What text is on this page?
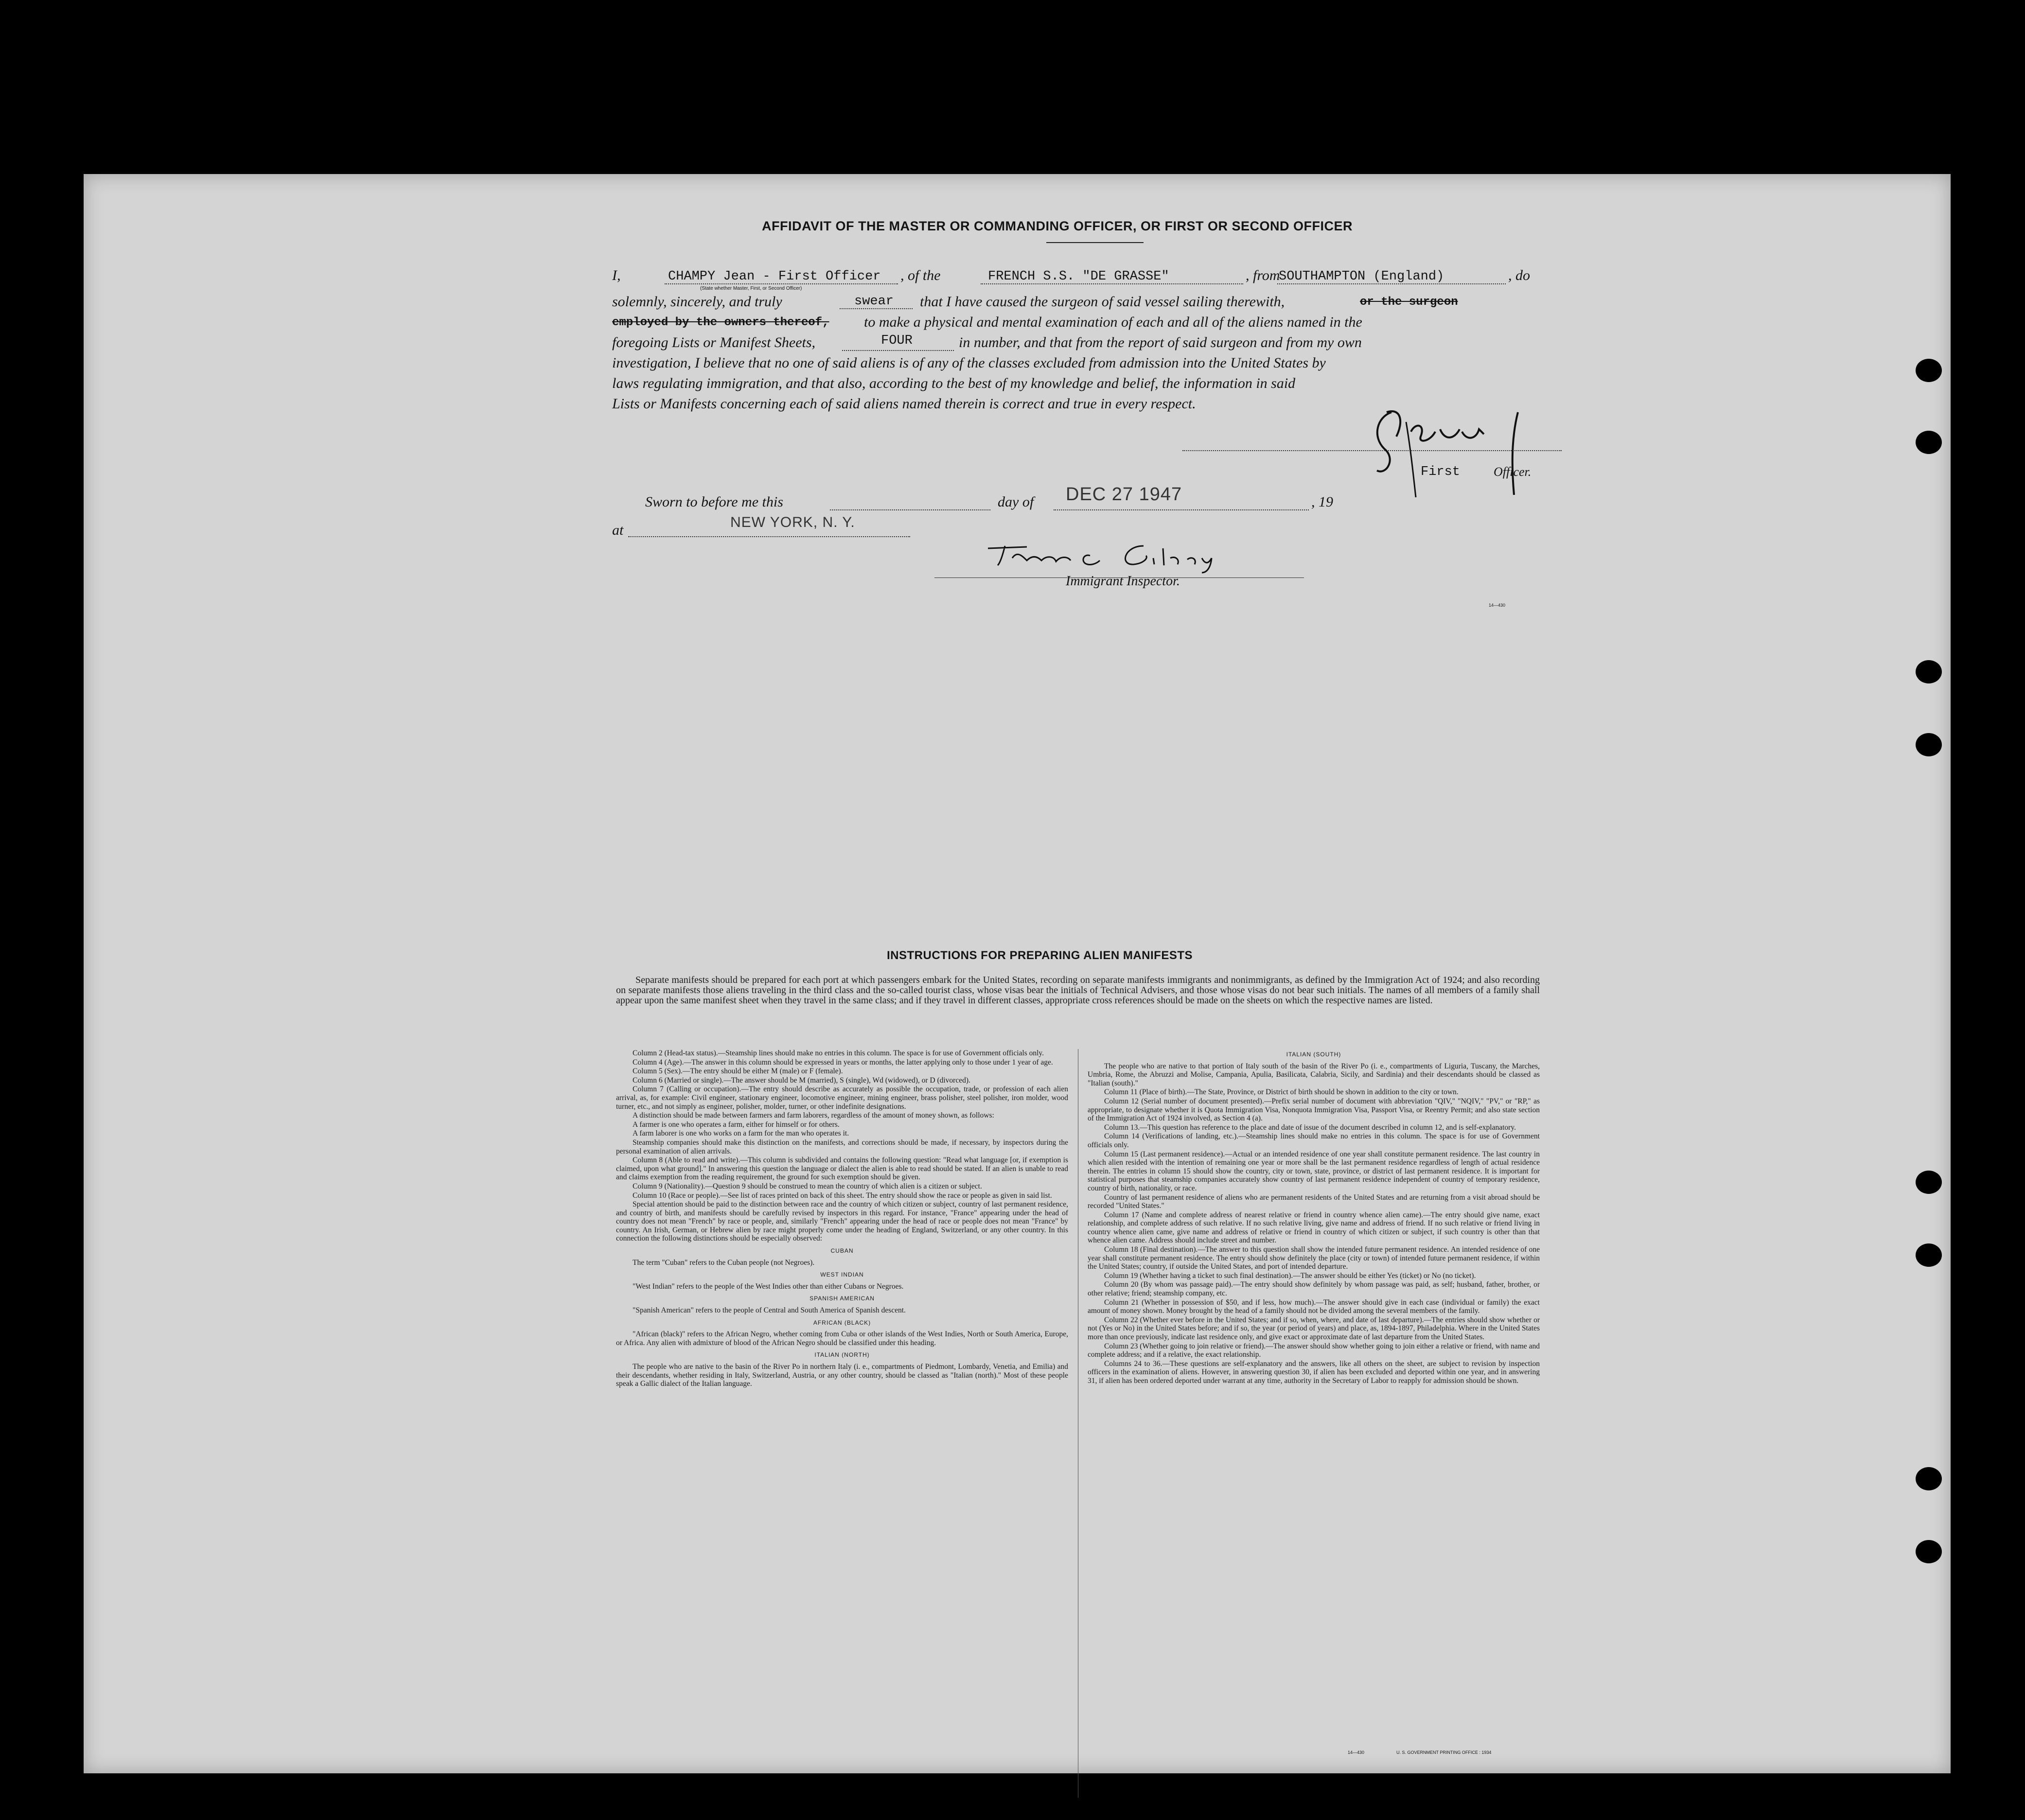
AFFIDAVIT OF THE MASTER OR COMMANDING OFFICER, OR FIRST OR SECOND OFFICER
I,	CHAMPY Jean - First Officer , of the	FRENCH S.S. "DE GRASSE"	, from
SOUTHAMPTON (England)	, do
(State whether Master, First, or Second Officer)
solemnly, sincerely, and truly	swear that I have caused the surgeon of said vessel sailing therewith,	or the surgeon
employed by the owners thereof, to make a physical and mental examination of each and all of the aliens named in the
foregoing Lists or Manifest Sheets,	FOUR	in number, and that from the report of said surgeon and from my own
investigation, I believe that no one of said aliens is of any of the classes excluded from admission into the United States by
laws regulating immigration, and that also, according to the best of my knowledge and belief, the information in said
Lists or Manifests concerning each of said aliens named therein is correct and true in every respect.
First	Officer.
Sworn to before me this	day of DEC 27 1947	, 19
at	NEW YORK, N. Y.
Immigrant Inspector.
14—430
INSTRUCTIONS FOR PREPARING ALIEN MANIFESTS

Separate manifests should be prepared for each port at which passengers embark for the United States, recording on separate manifests immigrants and nonimmigrants, as defined by the Immigration Act of 1924; and also recording on separate manifests those aliens traveling in the third class and the so-called tourist class, whose visas bear the initials of Technical Advisers, and those whose visas do not bear such initials. The names of all members of a family shall appear upon the same manifest sheet when they travel in the same class; and if they travel in different classes, appropriate cross references should be made on the sheets on which the respective names are listed.

Column 2 (Head-tax status).—Steamship lines should make no entries in this column. The space is for use of Government officials only.

Column 4 (Age).—The answer in this column should be expressed in years or months, the latter applying only to those under 1 year of age.

Column 5 (Sex).—The entry should be either M (male) or F (female).

Column 6 (Married or single).—The answer should be M (married), S (single), Wd (widowed), or D (divorced).

Column 7 (Calling or occupation).—The entry should describe as accurately as possible the occupation, trade, or profession of each alien arrival, as, for example: Civil engineer, stationary engineer, locomotive engineer, mining engineer, brass polisher, steel polisher, iron molder, wood turner, etc., and not simply as engineer, polisher, molder, turner, or other indefinite designations.

A distinction should be made between farmers and farm laborers, regardless of the amount of money shown, as follows:

A farmer is one who operates a farm, either for himself or for others.

A farm laborer is one who works on a farm for the man who operates it.

Steamship companies should make this distinction on the manifests, and corrections should be made, if necessary, by inspectors during the personal examination of alien arrivals.

Column 8 (Able to read and write).—This column is subdivided and contains the following question: "Read what language [or, if exemption is claimed, upon what ground]." In answering this question the language or dialect the alien is able to read should be stated. If an alien is unable to read and claims exemption from the reading requirement, the ground for such exemption should be given.

Column 9 (Nationality).—Question 9 should be construed to mean the country of which alien is a citizen or subject.

Column 10 (Race or people).—See list of races printed on back of this sheet. The entry should show the race or people as given in said list.

Special attention should be paid to the distinction between race and the country of which citizen or subject, country of last permanent residence, and country of birth, and manifests should be carefully revised by inspectors in this regard. For instance, "France" appearing under the head of country does not mean "French" by race or people, and, similarly "French" appearing under the head of race or people does not mean "France" by country. An Irish, German, or Hebrew alien by race might properly come under the heading of England, Switzerland, or any other country. In this connection the following distinctions should be especially observed:

CUBAN

The term "Cuban" refers to the Cuban people (not Negroes).

WEST INDIAN

"West Indian" refers to the people of the West Indies other than either Cubans or Negroes.

SPANISH AMERICAN

"Spanish American" refers to the people of Central and South America of Spanish descent.

AFRICAN (BLACK)

"African (black)" refers to the African Negro, whether coming from Cuba or other islands of the West Indies, North or South America, Europe, or Africa. Any alien with admixture of blood of the African Negro should be classified under this heading.

ITALIAN (NORTH)

The people who are native to the basin of the River Po in northern Italy (i. e., compartments of Piedmont, Lombardy, Venetia, and Emilia) and their descendants, whether residing in Italy, Switzerland, Austria, or any other country, should be classed as "Italian (north)." Most of these people speak a Gallic dialect of the Italian language.

ITALIAN (SOUTH)

The people who are native to that portion of Italy south of the basin of the River Po (i. e., compartments of Liguria, Tuscany, the Marches, Umbria, Rome, the Abruzzi and Molise, Campania, Apulia, Basilicata, Calabria, Sicily, and Sardinia) and their descendants should be classed as "Italian (south)."

Column 11 (Place of birth).—The State, Province, or District of birth should be shown in addition to the city or town.

Column 12 (Serial number of document presented).—Prefix serial number of document with abbreviation "QIV," "NQIV," "PV," or "RP," as appropriate, to designate whether it is Quota Immigration Visa, Nonquota Immigration Visa, Passport Visa, or Reentry Permit; and also state section of the Immigration Act of 1924 involved, as Section 4 (a).

Column 13.—This question has reference to the place and date of issue of the document described in column 12, and is self-explanatory.

Column 14 (Verifications of landing, etc.).—Steamship lines should make no entries in this column. The space is for use of Government officials only.

Column 15 (Last permanent residence).—Actual or an intended residence of one year shall constitute permanent residence. The last country in which alien resided with the intention of remaining one year or more shall be the last permanent residence regardless of length of actual residence therein. The entries in column 15 should show the country, city or town, state, province, or district of last permanent residence. It is important for statistical purposes that steamship companies accurately show country of last permanent residence independent of country of temporary residence, country of birth, nationality, or race.

Country of last permanent residence of aliens who are permanent residents of the United States and are returning from a visit abroad should be recorded "United States."

Column 17 (Name and complete address of nearest relative or friend in country whence alien came).—The entry should give name, exact relationship, and complete address of such relative. If no such relative living, give name and address of friend. If no such relative or friend living in country whence alien came, give name and address of relative or friend in country of which citizen or subject, if such country is other than that whence alien came. Address should include street and number.

Column 18 (Final destination).—The answer to this question shall show the intended future permanent residence. An intended residence of one year shall constitute permanent residence. The entry should show definitely the place (city or town) of intended future permanent residence, if within the United States; country, if outside the United States, and port of intended departure.

Column 19 (Whether having a ticket to such final destination).—The answer should be either Yes (ticket) or No (no ticket).

Column 20 (By whom was passage paid).—The entry should show definitely by whom passage was paid, as self; husband, father, brother, or other relative; friend; steamship company, etc.

Column 21 (Whether in possession of $50, and if less, how much).—The answer should give in each case (individual or family) the exact amount of money shown. Money brought by the head of a family should not be divided among the several members of the family.

Column 22 (Whether ever before in the United States; and if so, when, where, and date of last departure).—The entries should show whether or not (Yes or No) in the United States before; and if so, the year (or period of years) and place, as, 1894-1897, Philadelphia. Where in the United States more than once previously, indicate last residence only, and give exact or approximate date of last departure from the United States.

Column 23 (Whether going to join relative or friend).—The answer should show whether going to join either a relative or friend, with name and complete address; and if a relative, the exact relationship.

Columns 24 to 36.—These questions are self-explanatory and the answers, like all others on the sheet, are subject to revision by inspection officers in the examination of aliens. However, in answering question 30, if alien has been excluded and deported within one year, and in answering 31, if alien has been ordered deported under warrant at any time, authority in the Secretary of Labor to reapply for admission should be shown.

14—430	U. S. GOVERNMENT PRINTING OFFICE : 1934
